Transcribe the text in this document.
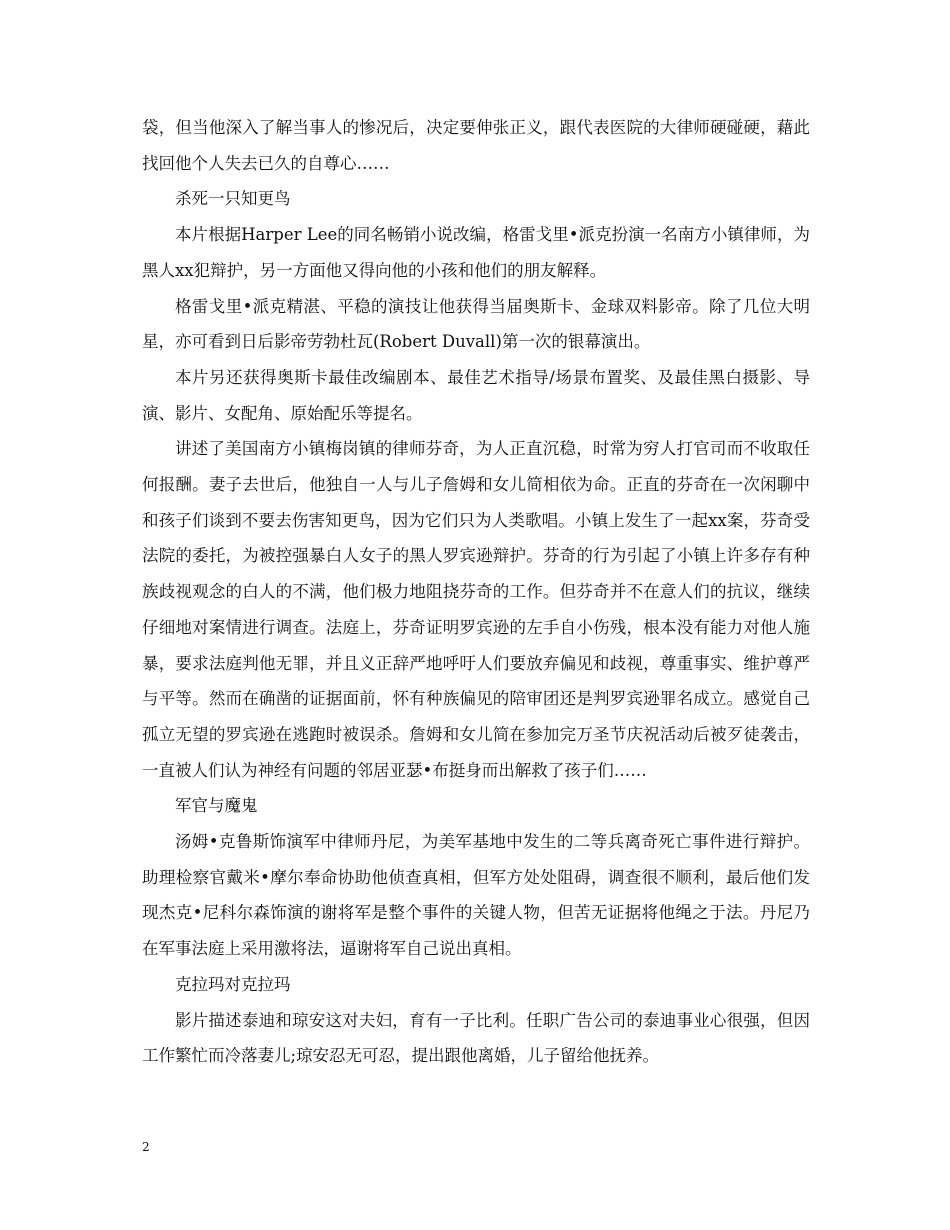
袋，但当他深入了解当事人的惨况后，决定要伸张正义，跟代表医院的大律师硬碰硬，藉此找回他个人失去已久的自尊心……

杀死一只知更鸟

本片根据Harper Lee的同名畅销小说改编，格雷戈里•派克扮演一名南方小镇律师，为黑人xx犯辩护，另一方面他又得向他的小孩和他们的朋友解释。

格雷戈里•派克精湛、平稳的演技让他获得当届奥斯卡、金球双料影帝。除了几位大明星，亦可看到日后影帝劳勃杜瓦(Robert Duvall)第一次的银幕演出。

本片另还获得奥斯卡最佳改编剧本、最佳艺术指导/场景布置奖、及最佳黑白摄影、导演、影片、女配角、原始配乐等提名。

讲述了美国南方小镇梅岗镇的律师芬奇，为人正直沉稳，时常为穷人打官司而不收取任何报酬。妻子去世后，他独自一人与儿子詹姆和女儿简相依为命。正直的芬奇在一次闲聊中和孩子们谈到不要去伤害知更鸟，因为它们只为人类歌唱。小镇上发生了一起xx案，芬奇受法院的委托，为被控强暴白人女子的黑人罗宾逊辩护。芬奇的行为引起了小镇上许多存有种族歧视观念的白人的不满，他们极力地阻挠芬奇的工作。但芬奇并不在意人们的抗议，继续仔细地对案情进行调查。法庭上，芬奇证明罗宾逊的左手自小伤残，根本没有能力对他人施暴，要求法庭判他无罪，并且义正辞严地呼吁人们要放弃偏见和歧视，尊重事实、维护尊严与平等。然而在确凿的证据面前，怀有种族偏见的陪审团还是判罗宾逊罪名成立。感觉自己孤立无望的罗宾逊在逃跑时被误杀。詹姆和女儿简在参加完万圣节庆祝活动后被歹徒袭击，一直被人们认为神经有问题的邻居亚瑟•布挺身而出解救了孩子们……

军官与魔鬼

汤姆•克鲁斯饰演军中律师丹尼，为美军基地中发生的二等兵离奇死亡事件进行辩护。助理检察官戴米•摩尔奉命协助他侦查真相，但军方处处阻碍，调查很不顺利，最后他们发现杰克•尼科尔森饰演的谢将军是整个事件的关键人物，但苦无证据将他绳之于法。丹尼乃在军事法庭上采用激将法，逼谢将军自己说出真相。

克拉玛对克拉玛

影片描述泰迪和琼安这对夫妇，育有一子比利。任职广告公司的泰迪事业心很强，但因工作繁忙而冷落妻儿;琼安忍无可忍，提出跟他离婚，儿子留给他抚养。

2
